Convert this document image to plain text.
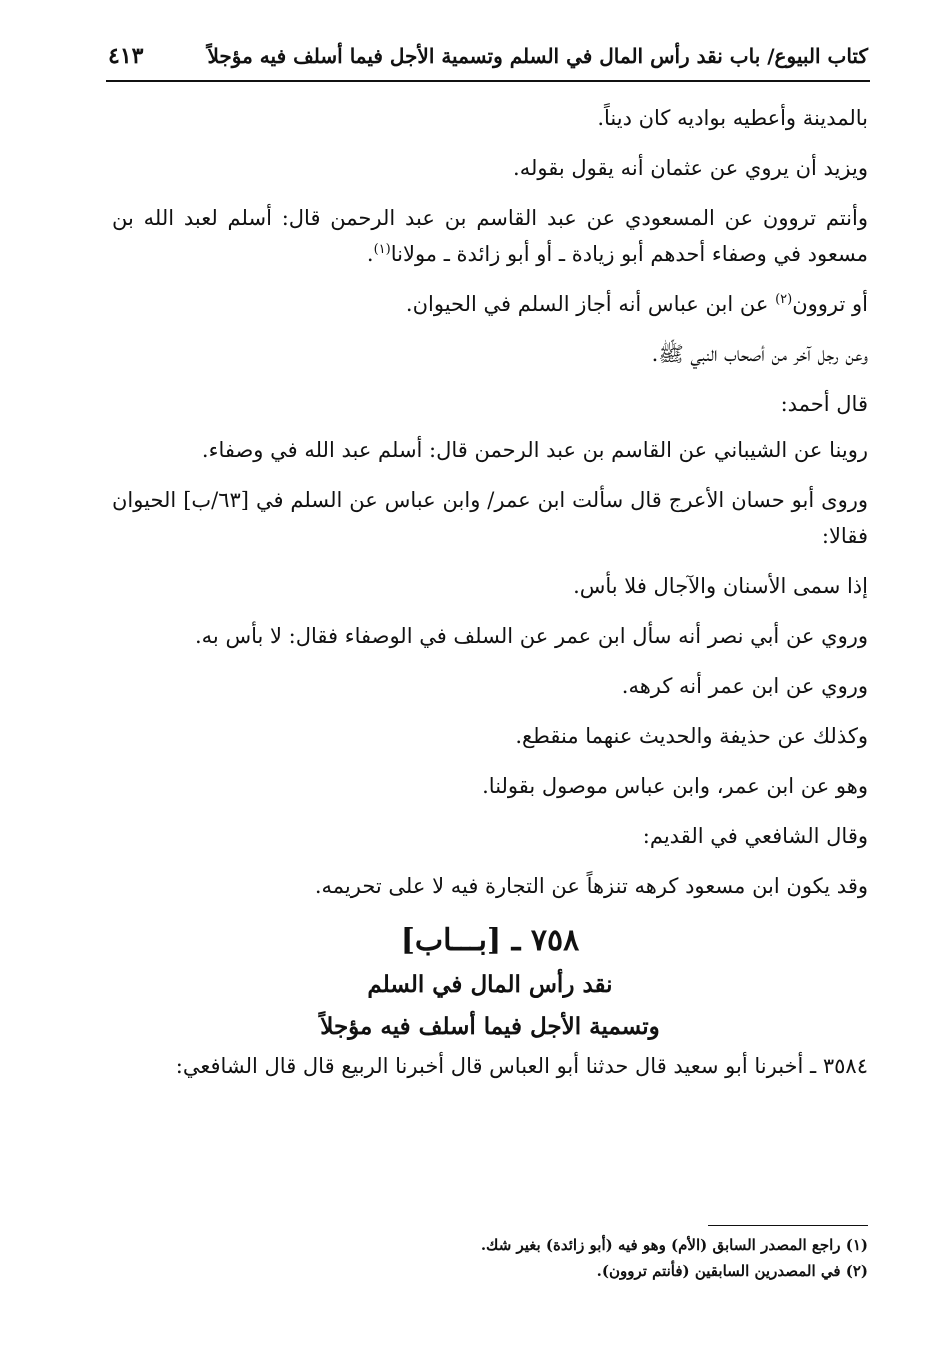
كتاب البيوع/ باب نقد رأس المال في السلم وتسمية الأجل فيما أسلف فيه مؤجلاً
٤١٣

بالمدينة وأعطيه بواديه كان ديناً.

ويزيد أن يروي عن عثمان أنه يقول بقوله.

وأنتم تروون عن المسعودي عن عبد القاسم بن عبد الرحمن قال: أسلم لعبد الله بن مسعود في وصفاء أحدهم أبو زيادة ـ أو أبو زائدة ـ مولانا$^{(١)}$.

أو تروون$^{(٢)}$ عن ابن عباس أنه أجاز السلم في الحيوان.

وعن رجل آخر من أصحاب النبي ﷺ.

قال أحمد:

روينا عن الشيباني عن القاسم بن عبد الرحمن قال: أسلم عبد الله في وصفاء.

وروى أبو حسان الأعرج قال سألت ابن عمر/ وابن عباس عن السلم في [٦٣/ب] الحيوان فقالا:

إذا سمى الأسنان والآجال فلا بأس.

وروي عن أبي نصر أنه سأل ابن عمر عن السلف في الوصفاء فقال: لا بأس به.

وروي عن ابن عمر أنه كرهه.

وكذلك عن حذيفة والحديث عنهما منقطع.

وهو عن ابن عمر، وابن عباس موصول بقولنا.

وقال الشافعي في القديم:

وقد يكون ابن مسعود كرهه تنزهاً عن التجارة فيه لا على تحريمه.

٧٥٨ ـ [بـــاب]
نقد رأس المال في السلم
وتسمية الأجل فيما أسلف فيه مؤجلاً

٣٥٨٤ ـ أخبرنا أبو سعيد قال حدثنا أبو العباس قال أخبرنا الربيع قال قال الشافعي:

(١) راجع المصدر السابق (الأم) وهو فيه (أبو زائدة) بغير شك.

(٢) في المصدرين السابقين (فأنتم تروون).
